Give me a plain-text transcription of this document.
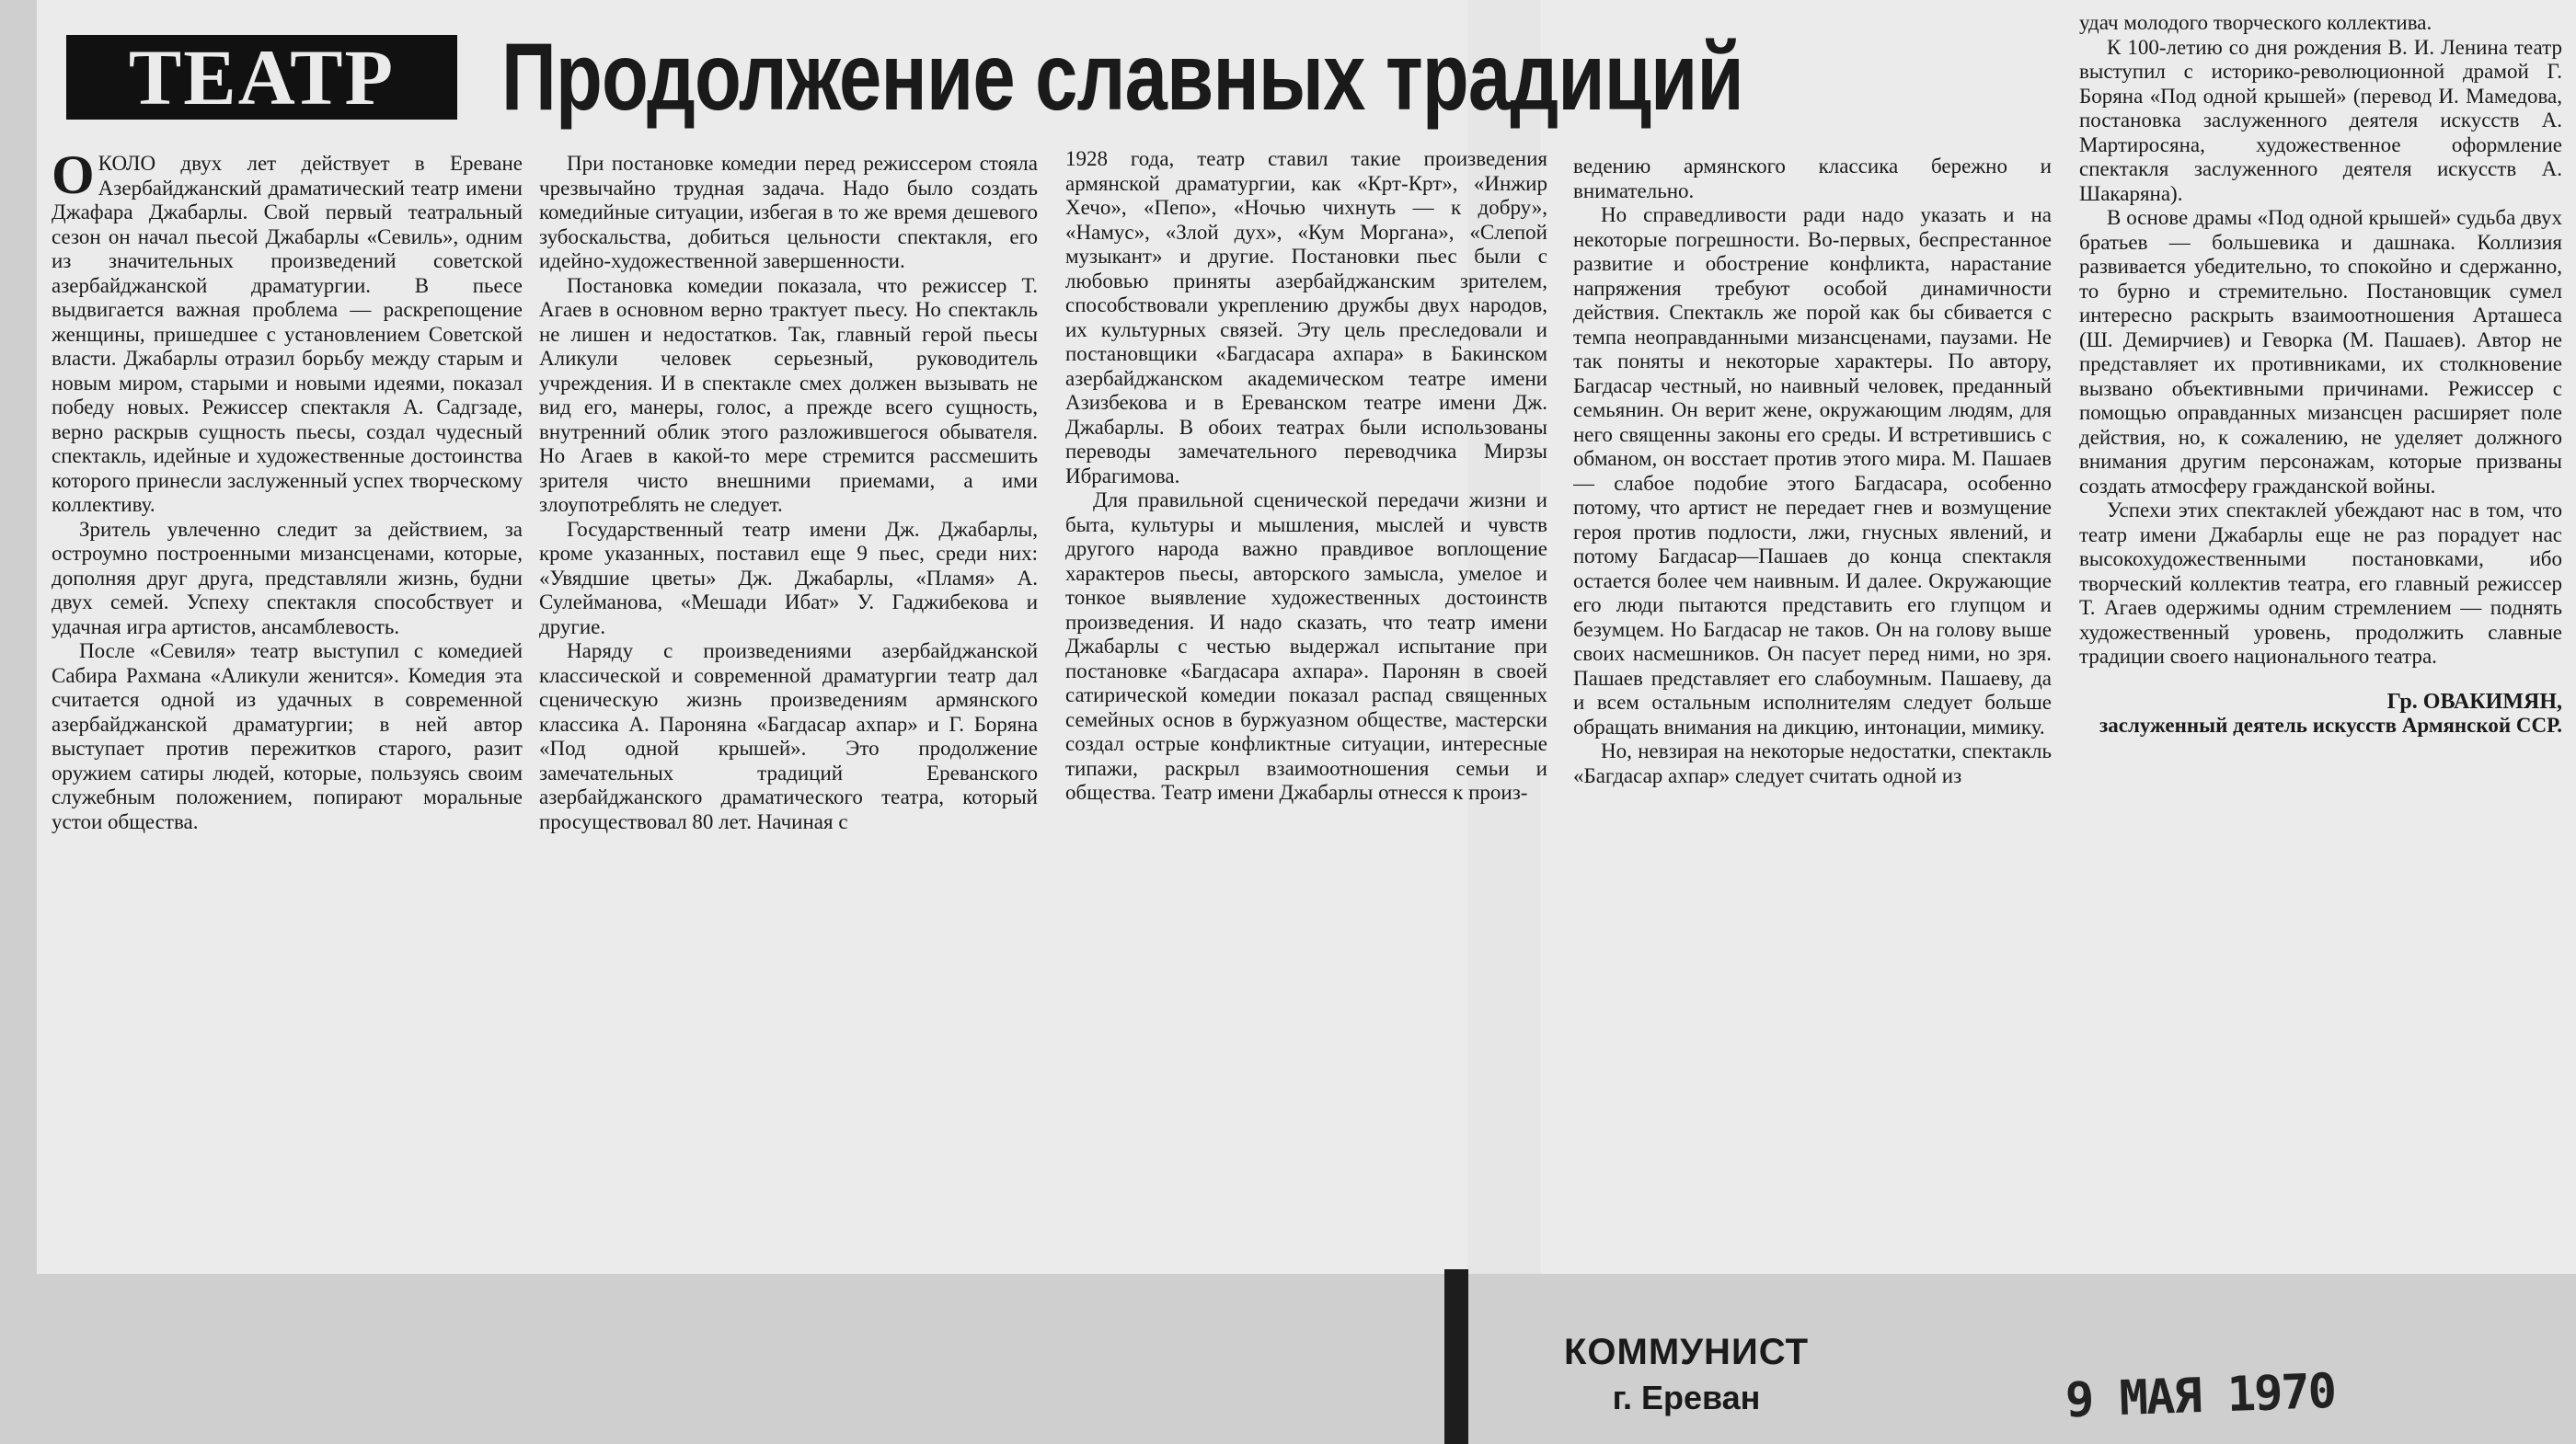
ТЕАТР	Продолжение славных традиций

ОКОЛО двух лет действует в Ереване Азербайджанский драматический театр имени Джафара Джабарлы. Свой первый театральный сезон он начал пьесой Джабарлы «Севиль», одним из значительных произведений советской азербайджанской драматургии. В пьесе выдвигается важная проблема — раскрепощение женщины, пришедшее с установлением Советской власти. Джабарлы отразил борьбу между старым и новым миром, старыми и новыми идеями, показал победу новых. Режиссер спектакля А. Садгзаде, верно раскрыв сущность пьесы, создал чудесный спектакль, идейные и художественные достоинства которого принесли заслуженный успех творческому коллективу.

Зритель увлеченно следит за действием, за остроумно построенными мизансценами, которые, дополняя друг друга, представляли жизнь, будни двух семей. Успеху спектакля способствует и удачная игра артистов, ансамблевость.

После «Севиля» театр выступил с комедией Сабира Рахмана «Аликули женится». Комедия эта считается одной из удачных в современной азербайджанской драматургии; в ней автор выступает против пережитков старого, разит оружием сатиры людей, которые, пользуясь своим служебным положением, попирают моральные устои общества.

При постановке комедии перед режиссером стояла чрезвычайно трудная задача. Надо было создать комедийные ситуации, избегая в то же время дешевого зубоскальства, добиться цельности спектакля, его идейно-художественной завершенности.

Постановка комедии показала, что режиссер Т. Агаев в основном верно трактует пьесу. Но спектакль не лишен и недостатков. Так, главный герой пьесы Аликули человек серьезный, руководитель учреждения. И в спектакле смех должен вызывать не вид его, манеры, голос, а прежде всего сущность, внутренний облик этого разложившегося обывателя. Но Агаев в какой-то мере стремится рассмешить зрителя чисто внешними приемами, а ими злоупотреблять не следует.

Государственный театр имени Дж. Джабарлы, кроме указанных, поставил еще 9 пьес, среди них: «Увядшие цветы» Дж. Джабарлы, «Пламя» А. Сулейманова, «Мешади Ибат» У. Гаджибекова и другие.

Наряду с произведениями азербайджанской классической и современной драматургии театр дал сценическую жизнь произведениям армянского классика А. Пароняна «Багдасар ахпар» и Г. Боряна «Под одной крышей». Это продолжение замечательных традиций Ереванского азербайджанского драматического театра, который просуществовал 80 лет. Начиная с

1928 года, театр ставил такие произведения армянской драматургии, как «Крт-Крт», «Инжир Хечо», «Пепо», «Ночью чихнуть — к добру», «Намус», «Злой дух», «Кум Моргана», «Слепой музыкант» и другие. Постановки пьес были с любовью приняты азербайджанским зрителем, способствовали укреплению дружбы двух народов, их культурных связей. Эту цель преследовали и постановщики «Багдасара ахпара» в Бакинском азербайджанском академическом театре имени Азизбекова и в Ереванском театре имени Дж. Джабарлы. В обоих театрах были использованы переводы замечательного переводчика Мирзы Ибрагимова.

Для правильной сценической передачи жизни и быта, культуры и мышления, мыслей и чувств другого народа важно правдивое воплощение характеров пьесы, авторского замысла, умелое и тонкое выявление художественных достоинств произведения. И надо сказать, что театр имени Джабарлы с честью выдержал испытание при постановке «Багдасара ахпара». Паронян в своей сатирической комедии показал распад священных семейных основ в буржуазном обществе, мастерски создал острые конфликтные ситуации, интересные типажи, раскрыл взаимоотношения семьи и общества. Театр имени Джабарлы отнесся к произ-

ведению армянского классика бережно и внимательно.

Но справедливости ради надо указать и на некоторые погрешности. Во-первых, беспрестанное развитие и обострение конфликта, нарастание напряжения требуют особой динамичности действия. Спектакль же порой как бы сбивается с темпа неоправданными мизансценами, паузами. Не так поняты и некоторые характеры. По автору, Багдасар честный, но наивный человек, преданный семьянин. Он верит жене, окружающим людям, для него священны законы его среды. И встретившись с обманом, он восстает против этого мира. М. Пашаев — слабое подобие этого Багдасара, особенно потому, что артист не передает гнев и возмущение героя против подлости, лжи, гнусных явлений, и потому Багдасар—Пашаев до конца спектакля остается более чем наивным. И далее. Окружающие его люди пытаются представить его глупцом и безумцем. Но Багдасар не таков. Он на голову выше своих насмешников. Он пасует перед ними, но зря. Пашаев представляет его слабоумным. Пашаеву, да и всем остальным исполнителям следует больше обращать внимания на дикцию, интонации, мимику.

Но, невзирая на некоторые недостатки, спектакль «Багдасар ахпар» следует считать одной из

удач молодого творческого коллектива.

К 100-летию со дня рождения В. И. Ленина театр выступил с историко-революционной драмой Г. Боряна «Под одной крышей» (перевод И. Мамедова, постановка заслуженного деятеля искусств А. Мартиросяна, художественное оформление спектакля заслуженного деятеля искусств А. Шакаряна).

В основе драмы «Под одной крышей» судьба двух братьев — большевика и дашнака. Коллизия развивается убедительно, то спокойно и сдержанно, то бурно и стремительно. Постановщик сумел интересно раскрыть взаимоотношения Арташеса (Ш. Демирчиев) и Геворка (М. Пашаев). Автор не представляет их противниками, их столкновение вызвано объективными причинами. Режиссер с помощью оправданных мизансцен расширяет поле действия, но, к сожалению, не уделяет должного внимания другим персонажам, которые призваны создать атмосферу гражданской войны.

Успехи этих спектаклей убеждают нас в том, что театр имени Джабарлы еще не раз порадует нас высокохудожественными постановками, ибо творческий коллектив театра, его главный режиссер Т. Агаев одержимы одним стремлением — поднять художественный уровень, продолжить славные традиции своего национального театра.

Гр. ОВАКИМЯН,
заслуженный деятель искусств Армянской ССР.
КОММУНИСТ
г. Ереван	9 МАЯ 1970
